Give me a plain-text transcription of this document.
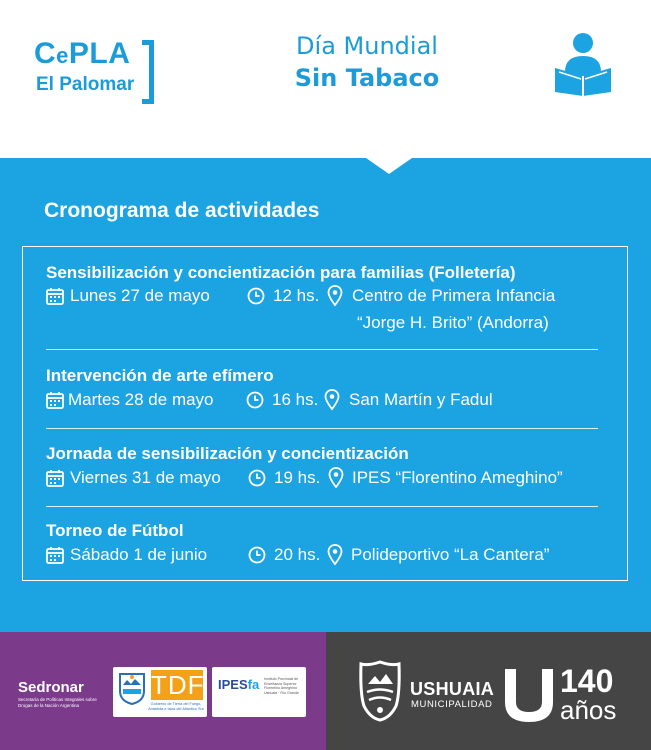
CePLA
El Palomar
Día Mundial
Sin Tabaco
Cronograma de actividades
Sensibilización y concientización para familias (Folletería)
Lunes 27 de mayo	12 hs. Centro de Primera Infancia
“Jorge H. Brito” (Andorra)
Intervención de arte efímero
Martes 28 de mayo	16 hs. San Martín y Fadul
Jornada de sensibilización y concientización
Viernes 31 de mayo	19 hs. IPES “Florentino Ameghino”
Torneo de Fútbol
Sábado 1 de junio	20 hs. Polideportivo “La Cantera”
Sedronar
Secretaría de Políticas Integrales sobre Drogas de la Nación Argentina
TDF
Gobierno de Tierra del Fuego, Antártida e Islas del Atlántico Sur
IPESfa Instituto Provincial de Enseñanza Superior Florentino Ameghino Ushuaia · Río Grande	USHUAIA
MUNICIPALIDAD
140
años
